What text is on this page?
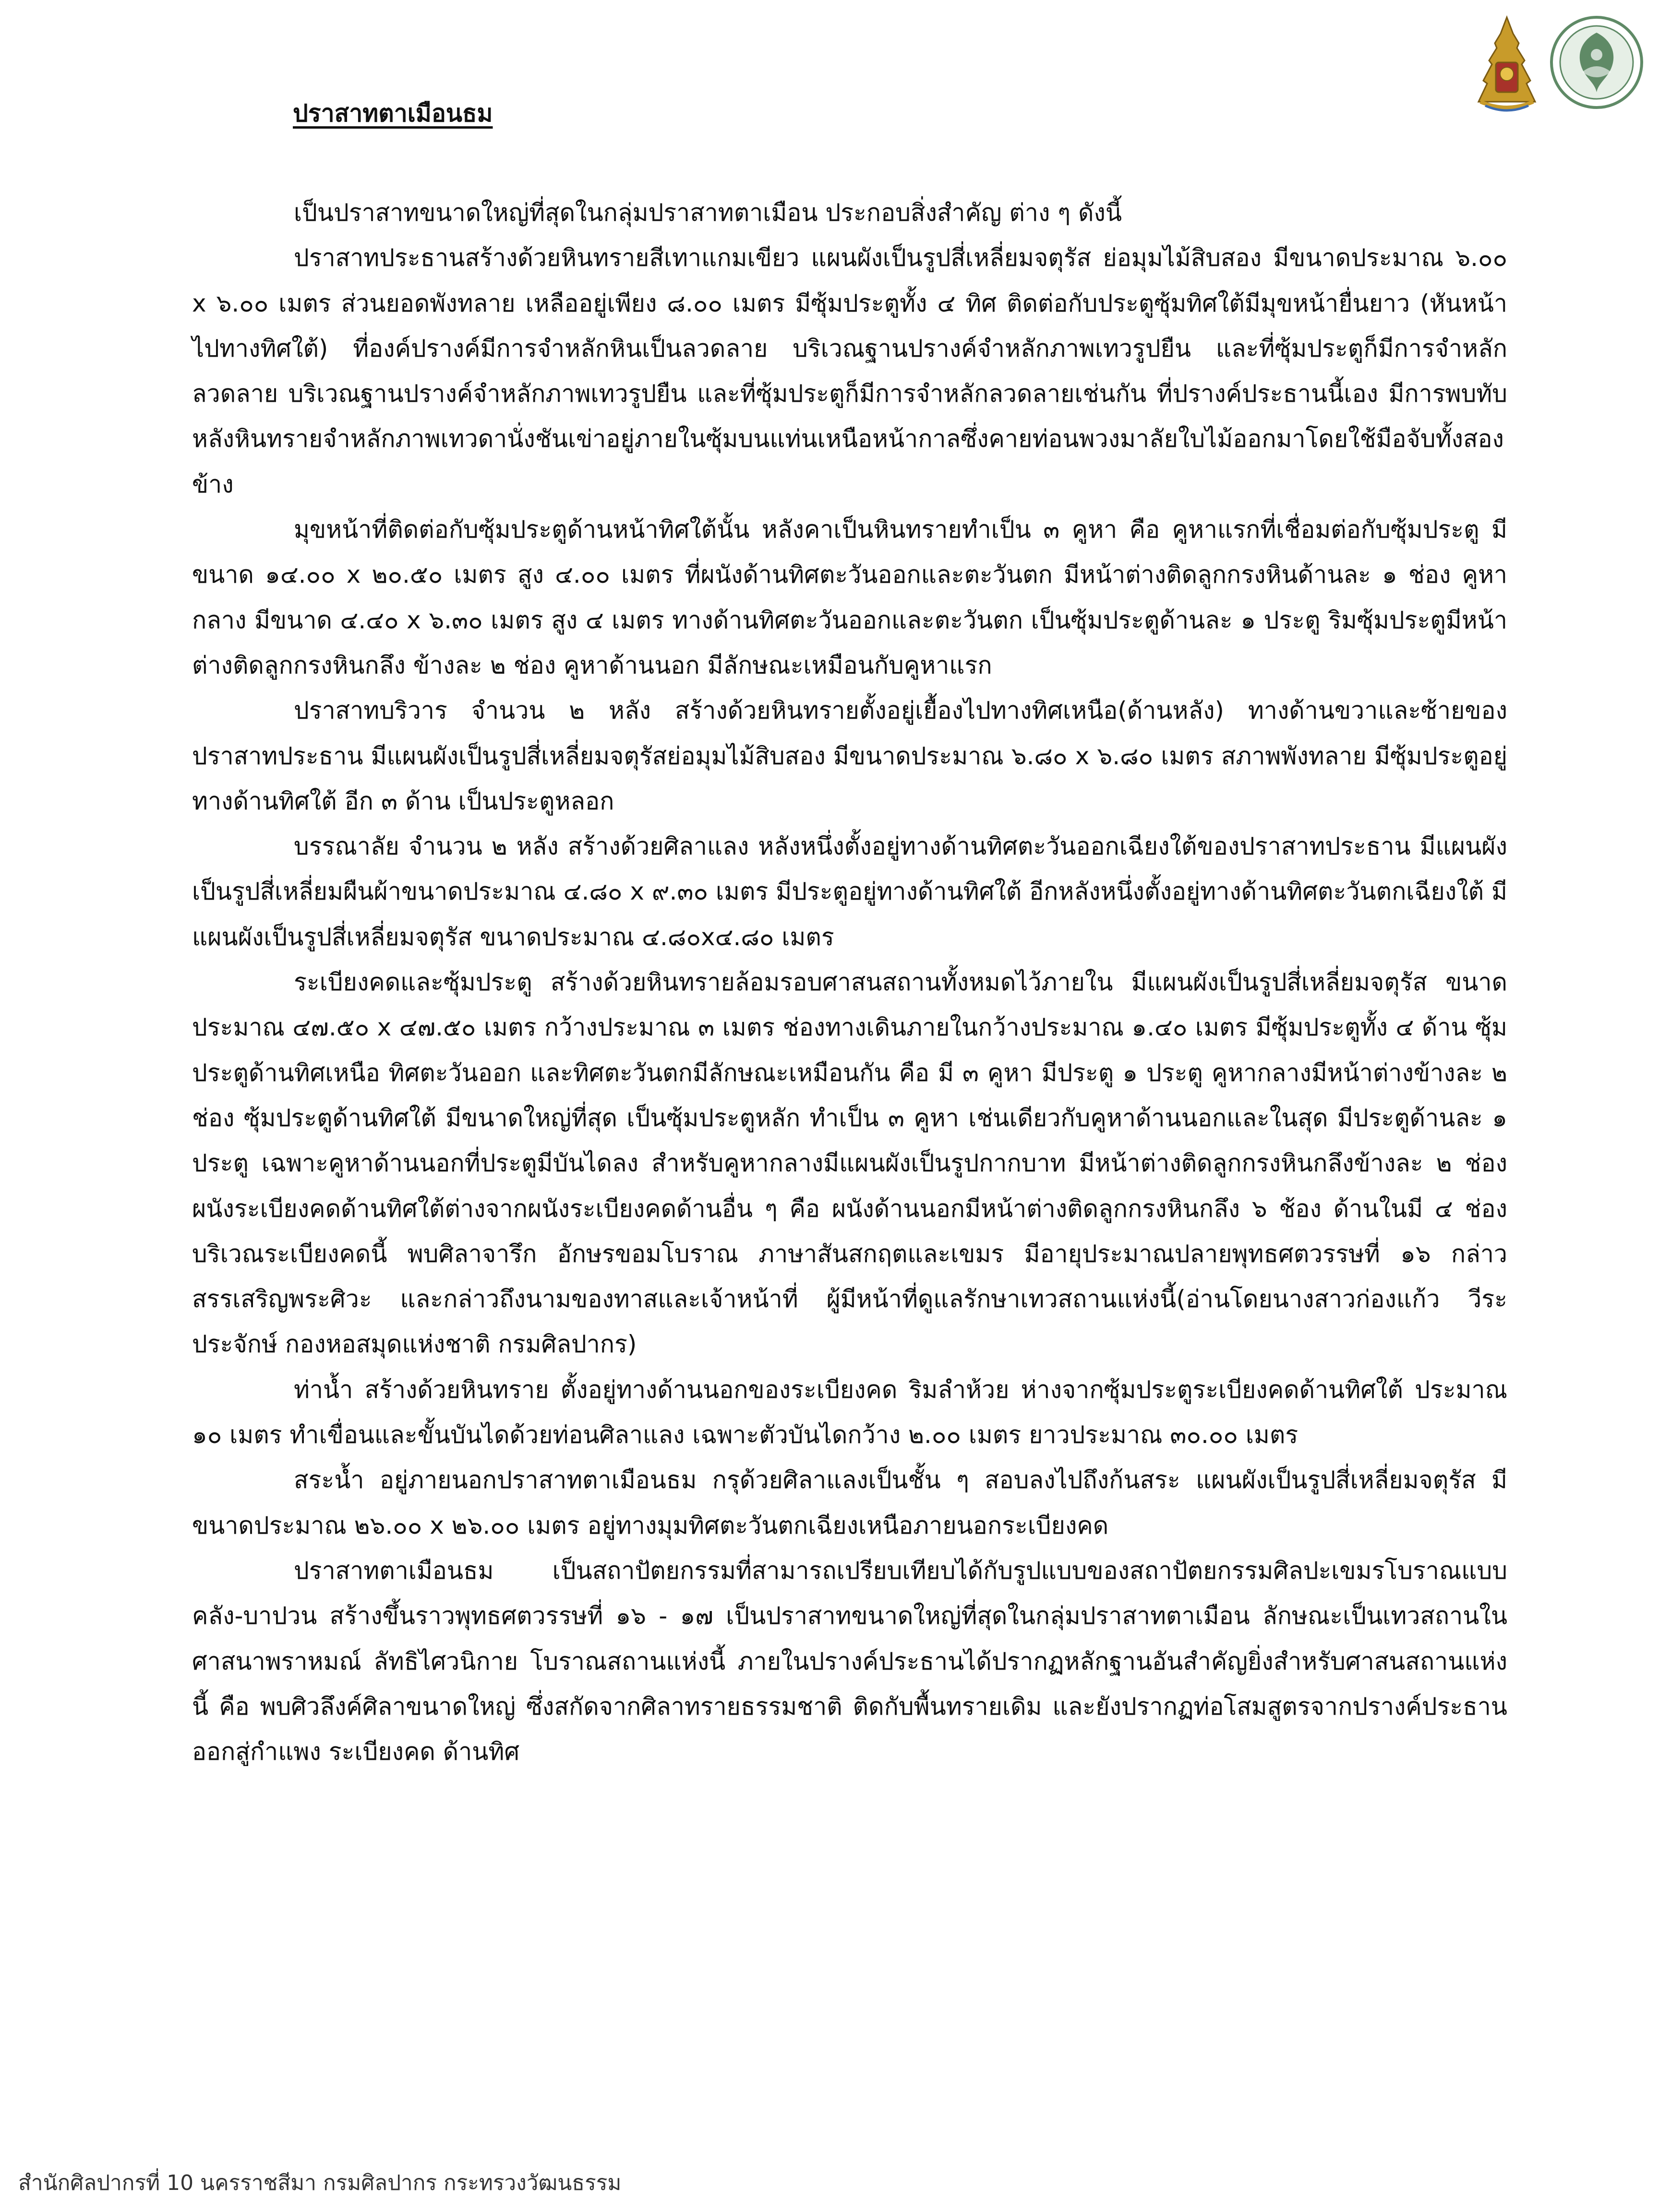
ปราสาทตาเมือนธม

เป็นปราสาทขนาดใหญ่ที่สุดในกลุ่มปราสาทตาเมือน ประกอบสิ่งสำคัญ ต่าง ๆ ดังนี้

ปราสาทประธานสร้างด้วยหินทรายสีเทาแกมเขียว แผนผังเป็นรูปสี่เหลี่ยมจตุรัส ย่อมุมไม้สิบสอง มีขนาดประมาณ ๖.๐๐ x ๖.๐๐ เมตร ส่วนยอดพังทลาย เหลืออยู่เพียง ๘.๐๐ เมตร มีซุ้มประตูทั้ง ๔ ทิศ ติดต่อกับประตูซุ้มทิศใต้มีมุขหน้ายื่นยาว (หันหน้าไปทางทิศใต้) ที่องค์ปรางค์มีการจำหลักหินเป็นลวดลาย บริเวณฐานปรางค์จำหลักภาพเทวรูปยืน และที่ซุ้มประตูก็มีการจำหลักลวดลาย บริเวณฐานปรางค์จำหลักภาพเทวรูปยืน และที่ซุ้มประตูก็มีการจำหลักลวดลายเช่นกัน ที่ปรางค์ประธานนี้เอง มีการพบทับหลังหินทรายจำหลักภาพเทวดานั่งชันเข่าอยู่ภายในซุ้มบนแท่นเหนือหน้ากาลซึ่งคายท่อนพวงมาลัยใบไม้ออกมาโดยใช้มือจับทั้งสองข้าง

มุขหน้าที่ติดต่อกับซุ้มประตูด้านหน้าทิศใต้นั้น หลังคาเป็นหินทรายทำเป็น ๓ คูหา คือ คูหาแรกที่เชื่อมต่อกับซุ้มประตู มีขนาด ๑๔.๐๐ x ๒๐.๕๐ เมตร สูง ๔.๐๐ เมตร ที่ผนังด้านทิศตะวันออกและตะวันตก มีหน้าต่างติดลูกกรงหินด้านละ ๑ ช่อง คูหากลาง มีขนาด ๔.๔๐ x ๖.๓๐ เมตร สูง ๔ เมตร ทางด้านทิศตะวันออกและตะวันตก เป็นซุ้มประตูด้านละ ๑ ประตู ริมซุ้มประตูมีหน้าต่างติดลูกกรงหินกลึง ข้างละ ๒ ช่อง คูหาด้านนอก มีลักษณะเหมือนกับคูหาแรก

ปราสาทบริวาร จำนวน ๒ หลัง สร้างด้วยหินทรายตั้งอยู่เยื้องไปทางทิศเหนือ(ด้านหลัง) ทางด้านขวาและซ้ายของปราสาทประธาน มีแผนผังเป็นรูปสี่เหลี่ยมจตุรัสย่อมุมไม้สิบสอง มีขนาดประมาณ ๖.๘๐ x ๖.๘๐ เมตร สภาพพังทลาย มีซุ้มประตูอยู่ทางด้านทิศใต้ อีก ๓ ด้าน เป็นประตูหลอก

บรรณาลัย จำนวน ๒ หลัง สร้างด้วยศิลาแลง หลังหนึ่งตั้งอยู่ทางด้านทิศตะวันออกเฉียงใต้ของปราสาทประธาน มีแผนผังเป็นรูปสี่เหลี่ยมผืนผ้าขนาดประมาณ ๔.๘๐ x ๙.๓๐ เมตร มีประตูอยู่ทางด้านทิศใต้ อีกหลังหนึ่งตั้งอยู่ทางด้านทิศตะวันตกเฉียงใต้ มีแผนผังเป็นรูปสี่เหลี่ยมจตุรัส ขนาดประมาณ ๔.๘๐x๔.๘๐ เมตร

ระเบียงคดและซุ้มประตู สร้างด้วยหินทรายล้อมรอบศาสนสถานทั้งหมดไว้ภายใน มีแผนผังเป็นรูปสี่เหลี่ยมจตุรัส ขนาดประมาณ ๔๗.๕๐ x ๔๗.๕๐ เมตร กว้างประมาณ ๓ เมตร ช่องทางเดินภายในกว้างประมาณ ๑.๔๐ เมตร มีซุ้มประตูทั้ง ๔ ด้าน ซุ้มประตูด้านทิศเหนือ ทิศตะวันออก และทิศตะวันตกมีลักษณะเหมือนกัน คือ มี ๓ คูหา มีประตู ๑ ประตู คูหากลางมีหน้าต่างข้างละ ๒ ช่อง ซุ้มประตูด้านทิศใต้ มีขนาดใหญ่ที่สุด เป็นซุ้มประตูหลัก ทำเป็น ๓ คูหา เช่นเดียวกับคูหาด้านนอกและในสุด มีประตูด้านละ ๑ ประตู เฉพาะคูหาด้านนอกที่ประตูมีบันไดลง สำหรับคูหากลางมีแผนผังเป็นรูปกากบาท มีหน้าต่างติดลูกกรงหินกลึงข้างละ ๒ ช่อง ผนังระเบียงคดด้านทิศใต้ต่างจากผนังระเบียงคดด้านอื่น ๆ คือ ผนังด้านนอกมีหน้าต่างติดลูกกรงหินกลึง ๖ ช้อง ด้านในมี ๔ ช่อง บริเวณระเบียงคดนี้ พบศิลาจารึก อักษรขอมโบราณ ภาษาสันสกฤตและเขมร มีอายุประมาณปลายพุทธศตวรรษที่ ๑๖ กล่าวสรรเสริญพระศิวะ และกล่าวถึงนามของทาสและเจ้าหน้าที่ ผู้มีหน้าที่ดูแลรักษาเทวสถานแห่งนี้(อ่านโดยนางสาวก่องแก้ว วีระประจักษ์ กองหอสมุดแห่งชาติ กรมศิลปากร)

ท่าน้ำ สร้างด้วยหินทราย ตั้งอยู่ทางด้านนอกของระเบียงคด ริมลำห้วย ห่างจากซุ้มประตูระเบียงคดด้านทิศใต้ ประมาณ ๑๐ เมตร ทำเขื่อนและขั้นบันไดด้วยท่อนศิลาแลง เฉพาะตัวบันไดกว้าง ๒.๐๐ เมตร ยาวประมาณ ๓๐.๐๐ เมตร

สระน้ำ อยู่ภายนอกปราสาทตาเมือนธม กรุด้วยศิลาแลงเป็นชั้น ๆ สอบลงไปถึงก้นสระ แผนผังเป็นรูปสี่เหลี่ยมจตุรัส มีขนาดประมาณ ๒๖.๐๐ x ๒๖.๐๐ เมตร อยู่ทางมุมทิศตะวันตกเฉียงเหนือภายนอกระเบียงคด

ปราสาทตาเมือนธม เป็นสถาปัตยกรรมที่สามารถเปรียบเทียบได้กับรูปแบบของสถาปัตยกรรมศิลปะเขมรโบราณแบบคลัง-บาปวน สร้างขึ้นราวพุทธศตวรรษที่ ๑๖ - ๑๗ เป็นปราสาทขนาดใหญ่ที่สุดในกลุ่มปราสาทตาเมือน ลักษณะเป็นเทวสถานในศาสนาพราหมณ์ ลัทธิไศวนิกาย โบราณสถานแห่งนี้ ภายในปรางค์ประธานได้ปรากฏหลักฐานอันสำคัญยิ่งสำหรับศาสนสถานแห่งนี้ คือ พบศิวลึงค์ศิลาขนาดใหญ่ ซึ่งสกัดจากศิลาทรายธรรมชาติ ติดกับพื้นทรายเดิม และยังปรากฏท่อโสมสูตรจากปรางค์ประธานออกสู่กำแพง ระเบียงคด ด้านทิศ

สำนักศิลปากรที่ 10 นครราชสีมา กรมศิลปากร กระทรวงวัฒนธรรม
